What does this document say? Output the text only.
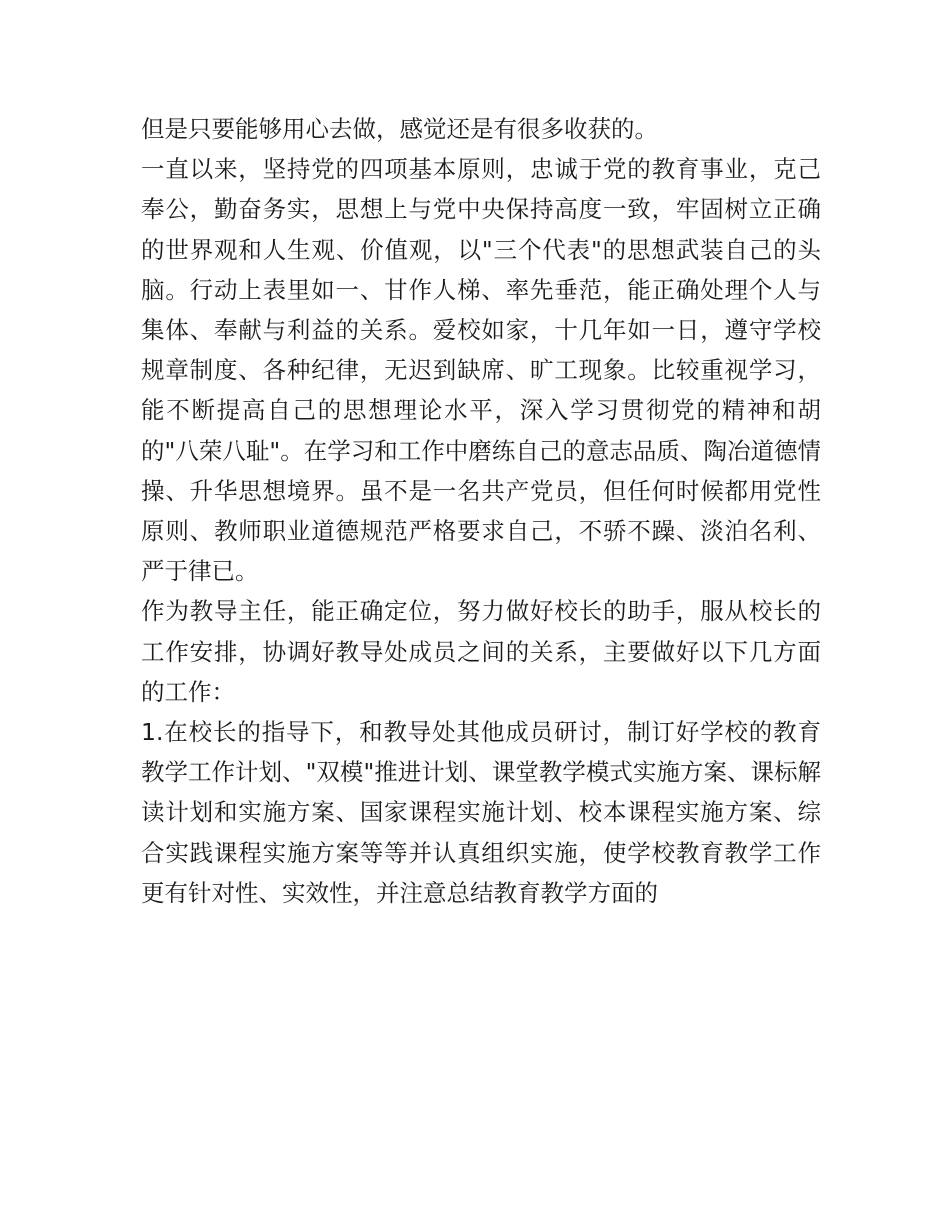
但是只要能够用心去做，感觉还是有很多收获的。

一直以来，坚持党的四项基本原则，忠诚于党的教育事业，克己奉公，勤奋务实，思想上与党中央保持高度一致，牢固树立正确的世界观和人生观、价值观，以"三个代表"的思想武装自己的头脑。行动上表里如一、甘作人梯、率先垂范，能正确处理个人与集体、奉献与利益的关系。爱校如家，十几年如一日，遵守学校规章制度、各种纪律，无迟到缺席、旷工现象。比较重视学习，能不断提高自己的思想理论水平，深入学习贯彻党的精神和胡的"八荣八耻"。在学习和工作中磨练自己的意志品质、陶冶道德情操、升华思想境界。虽不是一名共产党员，但任何时候都用党性原则、教师职业道德规范严格要求自己，不骄不躁、淡泊名利、严于律已。

作为教导主任，能正确定位，努力做好校长的助手，服从校长的工作安排，协调好教导处成员之间的关系，主要做好以下几方面的工作：

1.在校长的指导下，和教导处其他成员研讨，制订好学校的教育教学工作计划、"双模"推进计划、课堂教学模式实施方案、课标解读计划和实施方案、国家课程实施计划、校本课程实施方案、综合实践课程实施方案等等并认真组织实施，使学校教育教学工作更有针对性、实效性，并注意总结教育教学方面的
